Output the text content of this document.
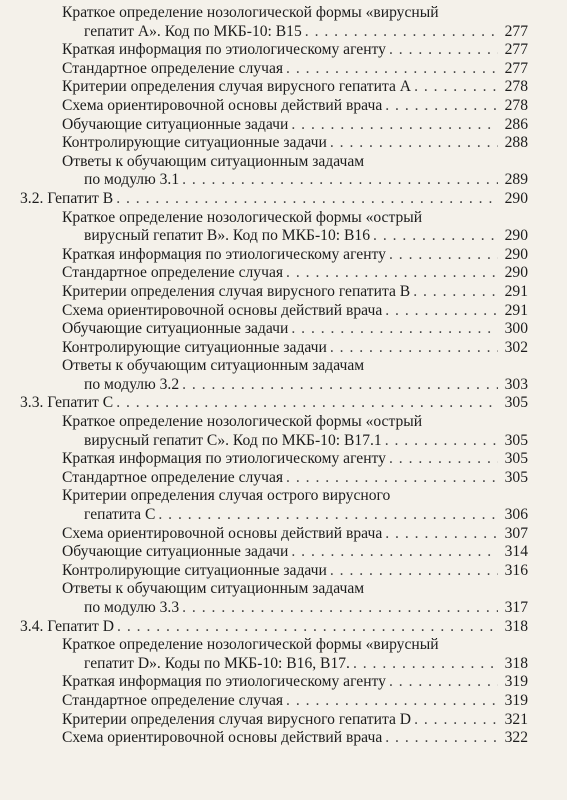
Краткое определение нозологической формы «вирусный
гепатит А». Код по МКБ-10: В15 . . .	277
Краткая информация по этиологическому агенту . . .	277
Стандартное определение случая . . .	277
Критерии определения случая вирусного гепатита А . . .	278
Схема ориентировочной основы действий врача . . .	278
Обучающие ситуационные задачи . . .	286
Контролирующие ситуационные задачи . . .	288
Ответы к обучающим ситуационным задачам
по модулю 3.1 . . .	289
3.2. Гепатит В . . .	290
Краткое определение нозологической формы «острый
вирусный гепатит В». Код по МКБ-10: В16 . . .	290
Краткая информация по этиологическому агенту . . .	290
Стандартное определение случая . . .	290
Критерии определения случая вирусного гепатита В . . .	291
Схема ориентировочной основы действий врача . . .	291
Обучающие ситуационные задачи . . .	300
Контролирующие ситуационные задачи . . .	302
Ответы к обучающим ситуационным задачам
по модулю 3.2 . . .	303
3.3. Гепатит С . . .	305
Краткое определение нозологической формы «острый
вирусный гепатит С». Код по МКБ-10: В17.1 . . .	305
Краткая информация по этиологическому агенту . . .	305
Стандартное определение случая . . .	305
Критерии определения случая острого вирусного
гепатита С . . .	306
Схема ориентировочной основы действий врача . . .	307
Обучающие ситуационные задачи . . .	314
Контролирующие ситуационные задачи . . .	316
Ответы к обучающим ситуационным задачам
по модулю 3.3 . . .	317
3.4. Гепатит D . . .	318
Краткое определение нозологической формы «вирусный
гепатит D». Коды по МКБ-10: В16, В17. . . .	318
Краткая информация по этиологическому агенту . . .	319
Стандартное определение случая . . .	319
Критерии определения случая вирусного гепатита D . . .	321
Схема ориентировочной основы действий врача . . .	322
